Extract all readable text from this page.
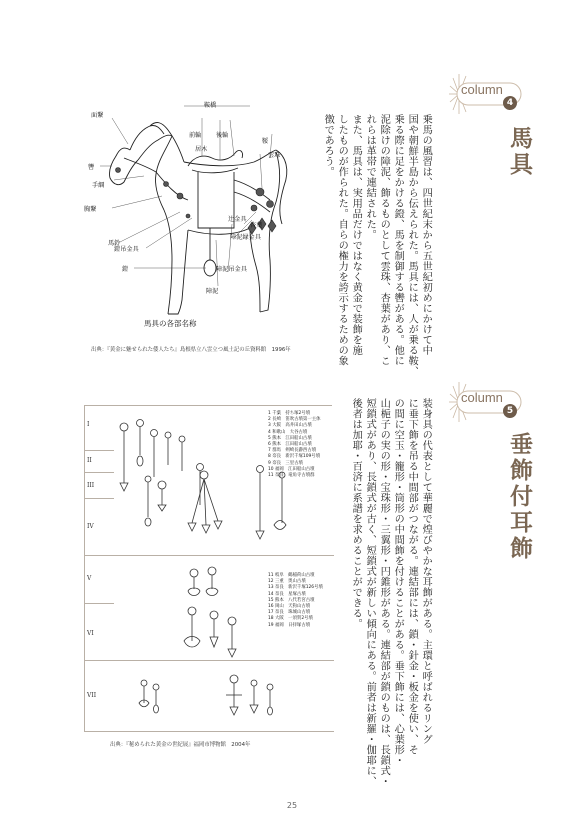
column
4
馬具
乗馬の風習は、四世紀末から五世紀初めにかけて中
国や朝鮮半島から伝えられた。馬具には、人が乗る鞍、
乗る際に足をかける鐙、馬を制御する轡がある。他に
泥除けの障泥、飾るものとして雲珠、杏葉があり、こ
れらは革帯で連結された。
また、馬具は、実用品だけではなく黄金で装飾を施
したものが作られた。自らの権力を誇示するための象
徴であろう。
鞍橋
前輪
居木
後輪
鞖
面繋
轡
手綱
胸繋
馬鈴
鐙吊金具
鐙
障泥
障泥吊金具
障泥縁金具
辻金具
杏葉
雲珠
馬具の各部名称
出典：『黄金に魅せられた倭人たち』島根県立八雲立つ風土記の丘資料館　1996年
column
5
垂飾付耳飾
装身具の代表として華麗で煌びやかな耳飾がある。主環と呼ばれるリング
に垂下飾を吊る中間部がつながる。連結部には、鎖・針金・板金を使い、そ
の間に空玉・籠形・筒形の中間飾を付けることがある。垂下飾には、心葉形・
山梔子の実の形・宝珠形・三翼形・円錐形がある。連結部が鎖のものは、長鎖式・
短鎖式があり、長鎖式が古く、短鎖式が新しい傾向にある。前者は新羅・伽耶に、
後者は加耶・百済に系譜を求めることができる。
I
II
III
IV
V
VI
VII
1 千葉　持ち塚2号墳
2 長崎　笛吹古墳第一主体
3 大阪　高井田山古墳
4 和歌山　大谷古墳
5 熊本　江田船山古墳
6 熊本　江田船山古墳
7 群馬　剣崎長瀞西古墳
8 奈良　新沢千塚109号墳
9 奈良　三里古墳
10 福岡　江田船山古墳
11 奈良　竜角寺古墳群
11 岐阜　鶴稲荷山古墳
12 三重　奥山古墳
13 奈良　新沢千塚126号墳
14 奈良　星塚古墳
15 熊本　八代若宮古墳
16 岡山　天狗山古墳
17 奈良　珠城山古墳
18 大阪　一須賀2号墳
19 福岡　日拝塚古墳
出典：『秘められた黄金の世紀展』福岡市博物館　2004年
25
